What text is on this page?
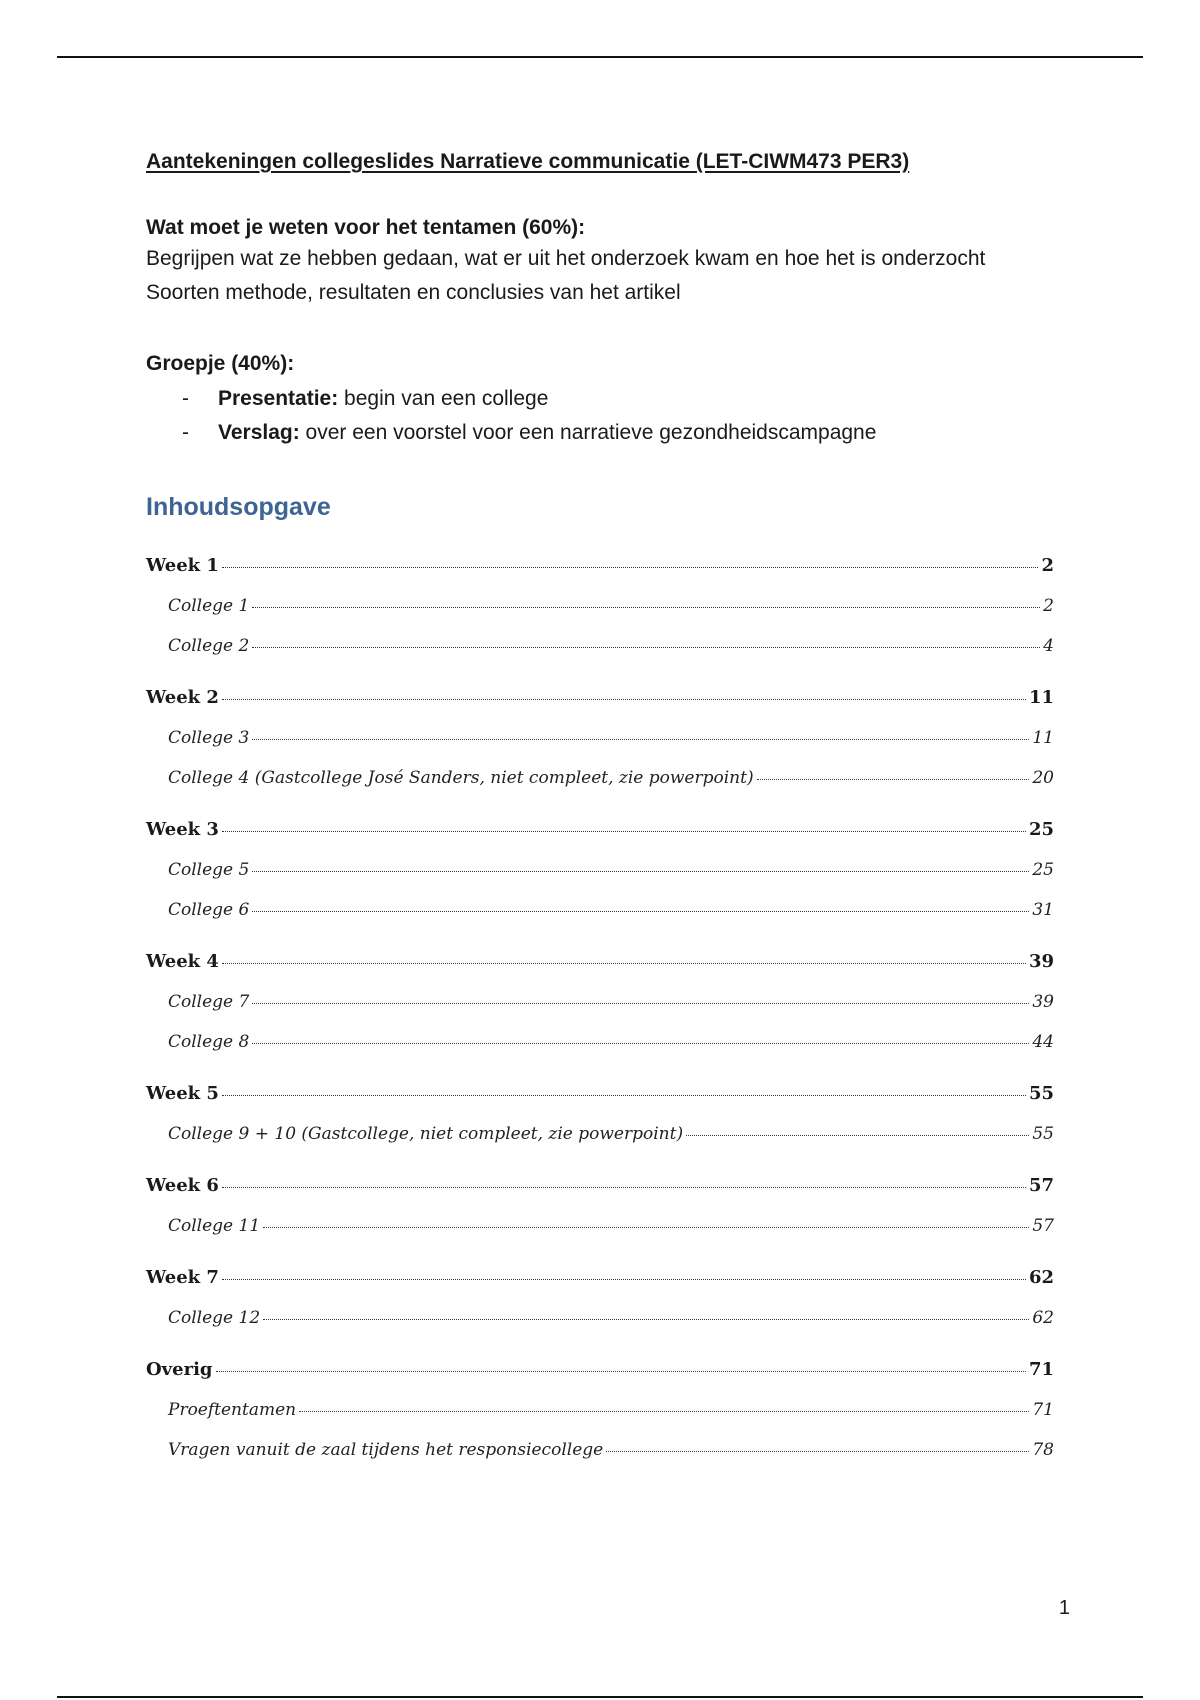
Aantekeningen collegeslides Narratieve communicatie (LET-CIWM473 PER3)

Wat moet je weten voor het tentamen (60%):

Begrijpen wat ze hebben gedaan, wat er uit het onderzoek kwam en hoe het is onderzocht

Soorten methode, resultaten en conclusies van het artikel

Groepje (40%):

- Presentatie: begin van een college
- Verslag: over een voorstel voor een narratieve gezondheidscampagne
Inhoudsopgave
Week 1	2
College 1	2
College 2	4
Week 2	11
College 3	11
College 4 (Gastcollege José Sanders, niet compleet, zie powerpoint)	20
Week 3	25
College 5	25
College 6	31
Week 4	39
College 7	39
College 8	44
Week 5	55
College 9 + 10 (Gastcollege, niet compleet, zie powerpoint)	55
Week 6	57
College 11	57
Week 7	62
College 12	62
Overig	71
Proeftentamen	71
Vragen vanuit de zaal tijdens het responsiecollege	78
1
